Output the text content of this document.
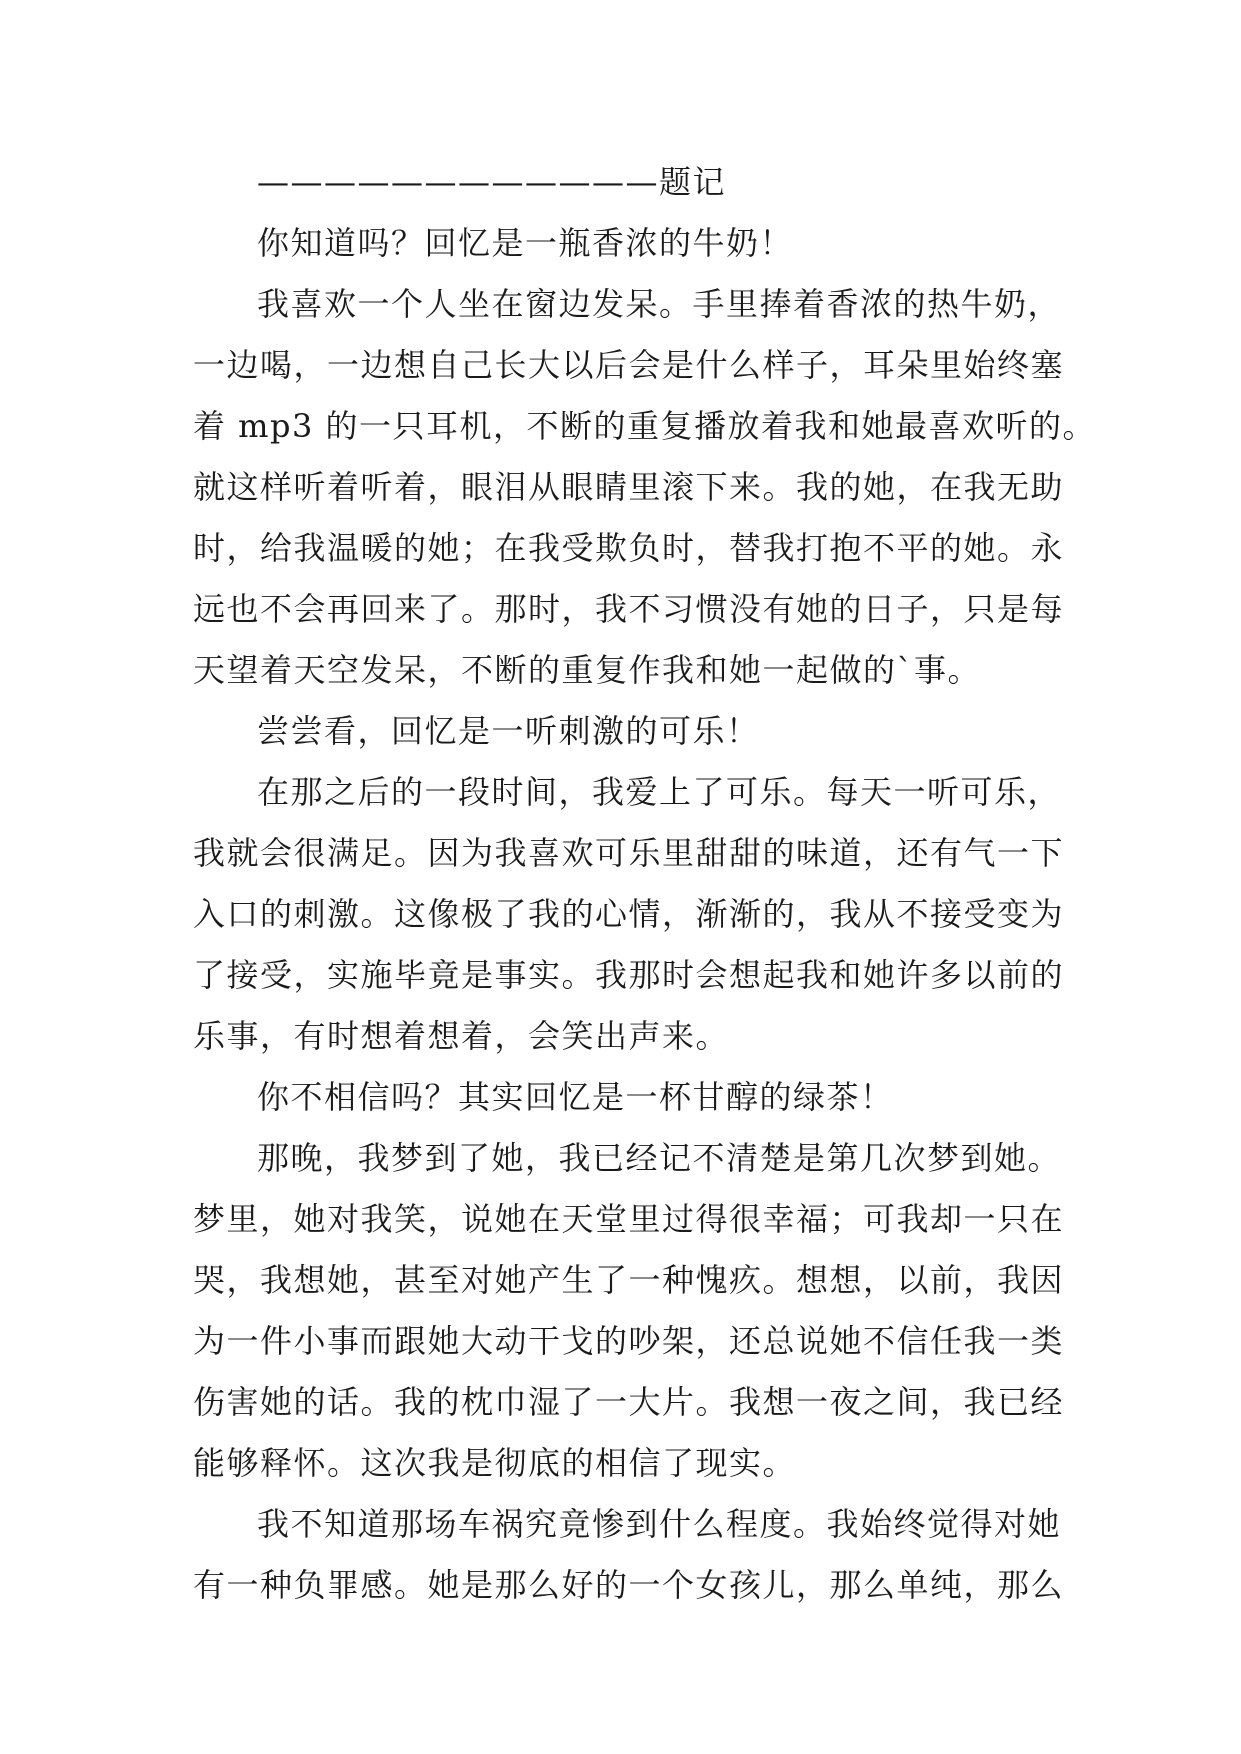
————————————题记
你知道吗？回忆是一瓶香浓的牛奶！
我喜欢一个人坐在窗边发呆。手里捧着香浓的热牛奶，
一边喝，一边想自己长大以后会是什么样子，耳朵里始终塞
着 mp3 的一只耳机，不断的重复播放着我和她最喜欢听的。
就这样听着听着，眼泪从眼睛里滚下来。我的她，在我无助
时，给我温暖的她；在我受欺负时，替我打抱不平的她。永
远也不会再回来了。那时，我不习惯没有她的日子，只是每
天望着天空发呆，不断的重复作我和她一起做的`事。
尝尝看，回忆是一听刺激的可乐！
在那之后的一段时间，我爱上了可乐。每天一听可乐，
我就会很满足。因为我喜欢可乐里甜甜的味道，还有气一下
入口的刺激。这像极了我的心情，渐渐的，我从不接受变为
了接受，实施毕竟是事实。我那时会想起我和她许多以前的
乐事，有时想着想着，会笑出声来。
你不相信吗？其实回忆是一杯甘醇的绿茶！
那晚，我梦到了她，我已经记不清楚是第几次梦到她。
梦里，她对我笑，说她在天堂里过得很幸福；可我却一只在
哭，我想她，甚至对她产生了一种愧疚。想想，以前，我因
为一件小事而跟她大动干戈的吵架，还总说她不信任我一类
伤害她的话。我的枕巾湿了一大片。我想一夜之间，我已经
能够释怀。这次我是彻底的相信了现实。
我不知道那场车祸究竟惨到什么程度。我始终觉得对她
有一种负罪感。她是那么好的一个女孩儿，那么单纯，那么
